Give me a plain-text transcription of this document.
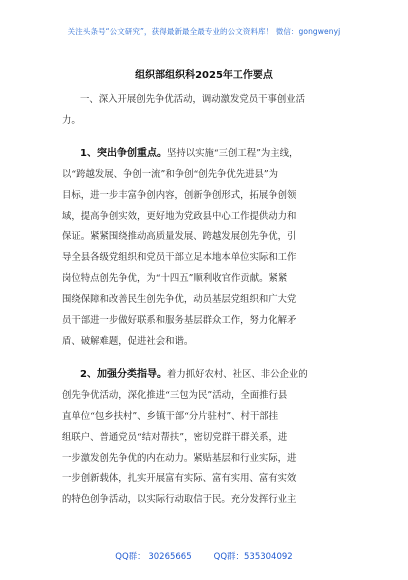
关注头条号“公文研究”，获得最新最全最专业的公文资料库！ 微信：gongwenyj
组织部组织科2025年工作要点

一、深入开展创先争优活动，调动激发党员干事创业活
力。

1、突出争创重点。坚持以实施“三创工程”为主线，
以“跨越发展、争创一流”和争创“创先争优先进县”为
目标，进一步丰富争创内容，创新争创形式，拓展争创领
域，提高争创实效，更好地为党政县中心工作提供动力和
保证。紧紧围绕推动高质量发展、跨越发展创先争优，引
导全县各级党组织和党员干部立足本地本单位实际和工作
岗位特点创先争优，为“十四五”顺利收官作贡献。紧紧
围绕保障和改善民生创先争优，动员基层党组织和广大党
员干部进一步做好联系和服务基层群众工作，努力化解矛
盾、破解难题，促进社会和谐。

2、加强分类指导。着力抓好农村、社区、非公企业的
创先争优活动，深化推进“三包为民”活动，全面推行县
直单位“包乡扶村”、乡镇干部“分片驻村”、村干部挂
组联户、普通党员“结对帮扶”，密切党群干群关系，进
一步激发创先争优的内在动力。紧贴基层和行业实际，进
一步创新载体，扎实开展富有实际、富有实用、富有实效
的特色创争活动，以实际行动取信于民。充分发挥行业主

QQ群： 30265665	QQ群：535304092
